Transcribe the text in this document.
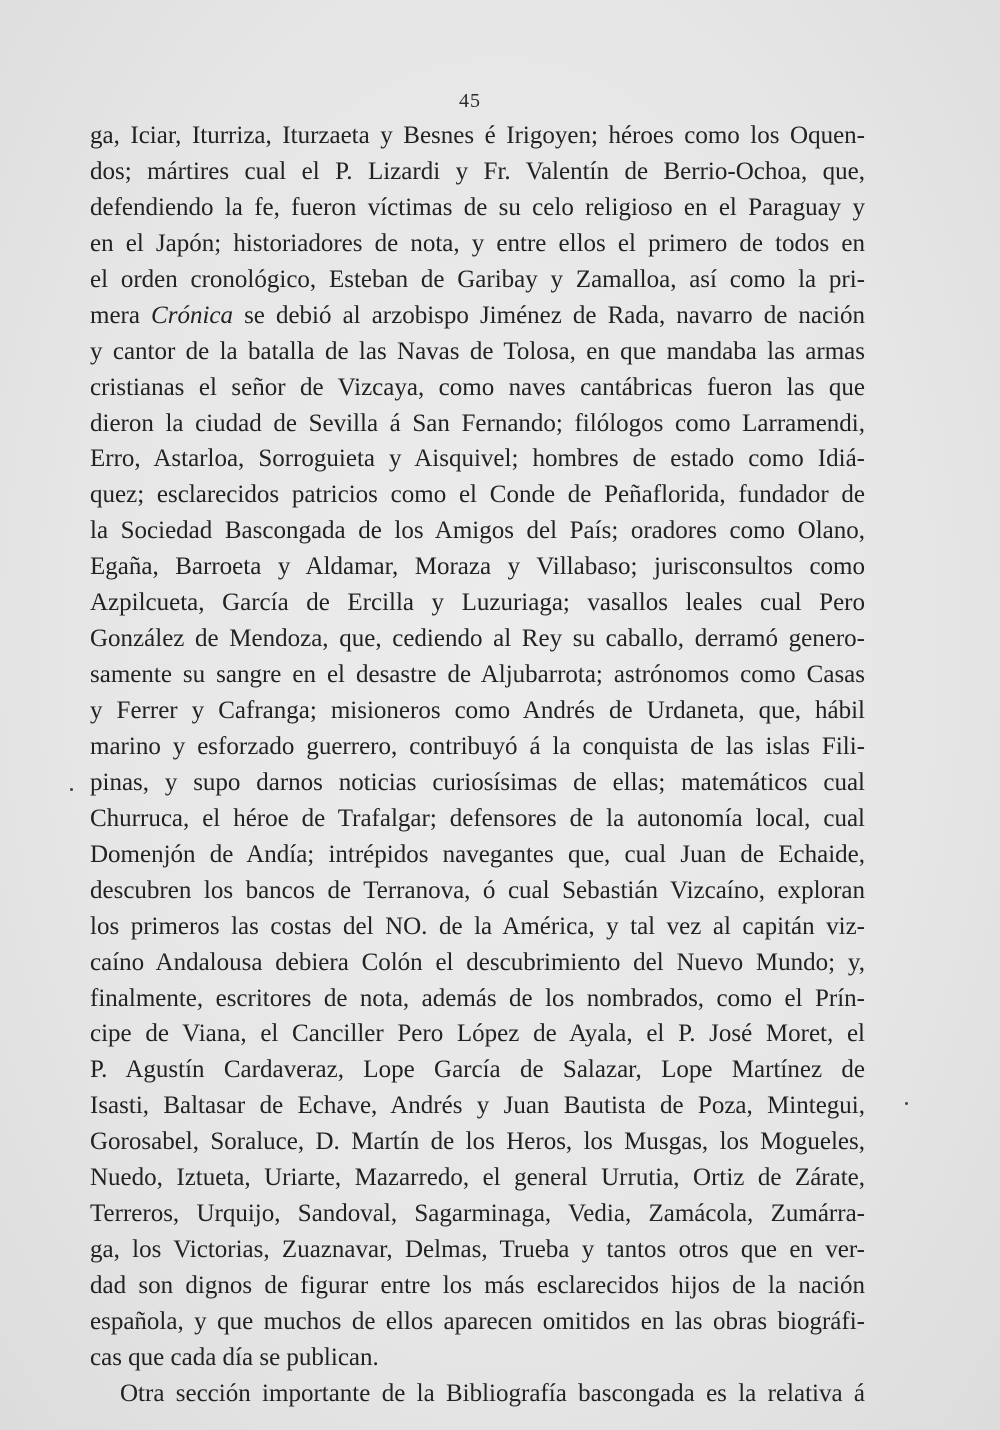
45
ga, Iciar, Iturriza, Iturzaeta y Besnes é Irigoyen; héroes como los Oquen-
dos; mártires cual el P. Lizardi y Fr. Valentín de Berrio-Ochoa, que,
defendiendo la fe, fueron víctimas de su celo religioso en el Paraguay y
en el Japón; historiadores de nota, y entre ellos el primero de todos en
el orden cronológico, Esteban de Garibay y Zamalloa, así como la pri-
mera Crónica se debió al arzobispo Jiménez de Rada, navarro de nación
y cantor de la batalla de las Navas de Tolosa, en que mandaba las armas
cristianas el señor de Vizcaya, como naves cantábricas fueron las que
dieron la ciudad de Sevilla á San Fernando; filólogos como Larramendi,
Erro, Astarloa, Sorroguieta y Aisquivel; hombres de estado como Idiá-
quez; esclarecidos patricios como el Conde de Peñaflorida, fundador de
la Sociedad Bascongada de los Amigos del País; oradores como Olano,
Egaña, Barroeta y Aldamar, Moraza y Villabaso; jurisconsultos como
Azpilcueta, García de Ercilla y Luzuriaga; vasallos leales cual Pero
González de Mendoza, que, cediendo al Rey su caballo, derramó genero-
samente su sangre en el desastre de Aljubarrota; astrónomos como Casas
y Ferrer y Cafranga; misioneros como Andrés de Urdaneta, que, hábil
marino y esforzado guerrero, contribuyó á la conquista de las islas Fili-
pinas, y supo darnos noticias curiosísimas de ellas; matemáticos cual
Churruca, el héroe de Trafalgar; defensores de la autonomía local, cual
Domenjón de Andía; intrépidos navegantes que, cual Juan de Echaide,
descubren los bancos de Terranova, ó cual Sebastián Vizcaíno, exploran
los primeros las costas del NO. de la América, y tal vez al capitán viz-
caíno Andalousa debiera Colón el descubrimiento del Nuevo Mundo; y,
finalmente, escritores de nota, además de los nombrados, como el Prín-
cipe de Viana, el Canciller Pero López de Ayala, el P. José Moret, el
P. Agustín Cardaveraz, Lope García de Salazar, Lope Martínez de
Isasti, Baltasar de Echave, Andrés y Juan Bautista de Poza, Mintegui,
Gorosabel, Soraluce, D. Martín de los Heros, los Musgas, los Mogueles,
Nuedo, Iztueta, Uriarte, Mazarredo, el general Urrutia, Ortiz de Zárate,
Terreros, Urquijo, Sandoval, Sagarminaga, Vedia, Zamácola, Zumárra-
ga, los Victorias, Zuaznavar, Delmas, Trueba y tantos otros que en ver-
dad son dignos de figurar entre los más esclarecidos hijos de la nación
española, y que muchos de ellos aparecen omitidos en las obras biográfi-
cas que cada día se publican.
Otra sección importante de la Bibliografía bascongada es la relativa á
